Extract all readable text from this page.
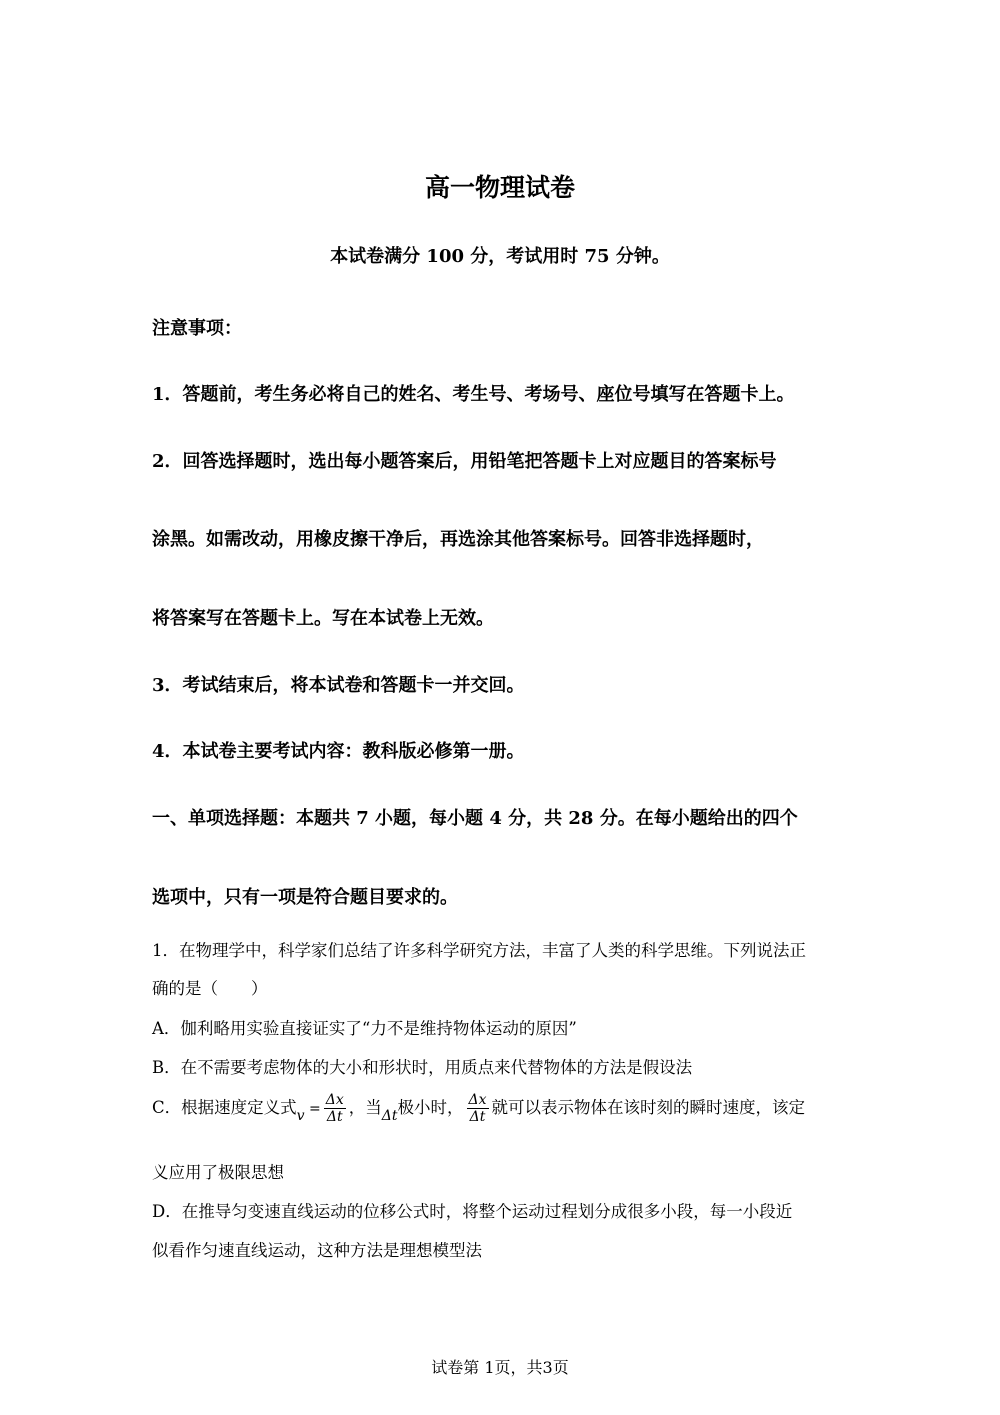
高一物理试卷
本试卷满分 100 分，考试用时 75 分钟。
注意事项：
1．答题前，考生务必将自己的姓名、考生号、考场号、座位号填写在答题卡上。
2．回答选择题时，选出每小题答案后，用铅笔把答题卡上对应题目的答案标号
涂黑。如需改动，用橡皮擦干净后，再选涂其他答案标号。回答非选择题时，
将答案写在答题卡上。写在本试卷上无效。
3．考试结束后，将本试卷和答题卡一并交回。
4．本试卷主要考试内容：教科版必修第一册。
一、单项选择题：本题共 7 小题，每小题 4 分，共 28 分。在每小题给出的四个
选项中，只有一项是符合题目要求的。
1．在物理学中，科学家们总结了许多科学研究方法，丰富了人类的科学思维。下列说法正
确的是（　　）
A．伽利略用实验直接证实了“力不是维持物体运动的原因”
B．在不需要考虑物体的大小和形状时，用质点来代替物体的方法是假设法
C．根据速度定义式$_v = \frac{\Delta x}{\Delta t}$ ，当$_{\Delta t}$极小时， $\frac{\Delta x}{\Delta t}$ 就可以表示物体在该时刻的瞬时速度，该定
义应用了极限思想
D．在推导匀变速直线运动的位移公式时，将整个运动过程划分成很多小段，每一小段近
似看作匀速直线运动，这种方法是理想模型法
试卷第 1页，共3页
